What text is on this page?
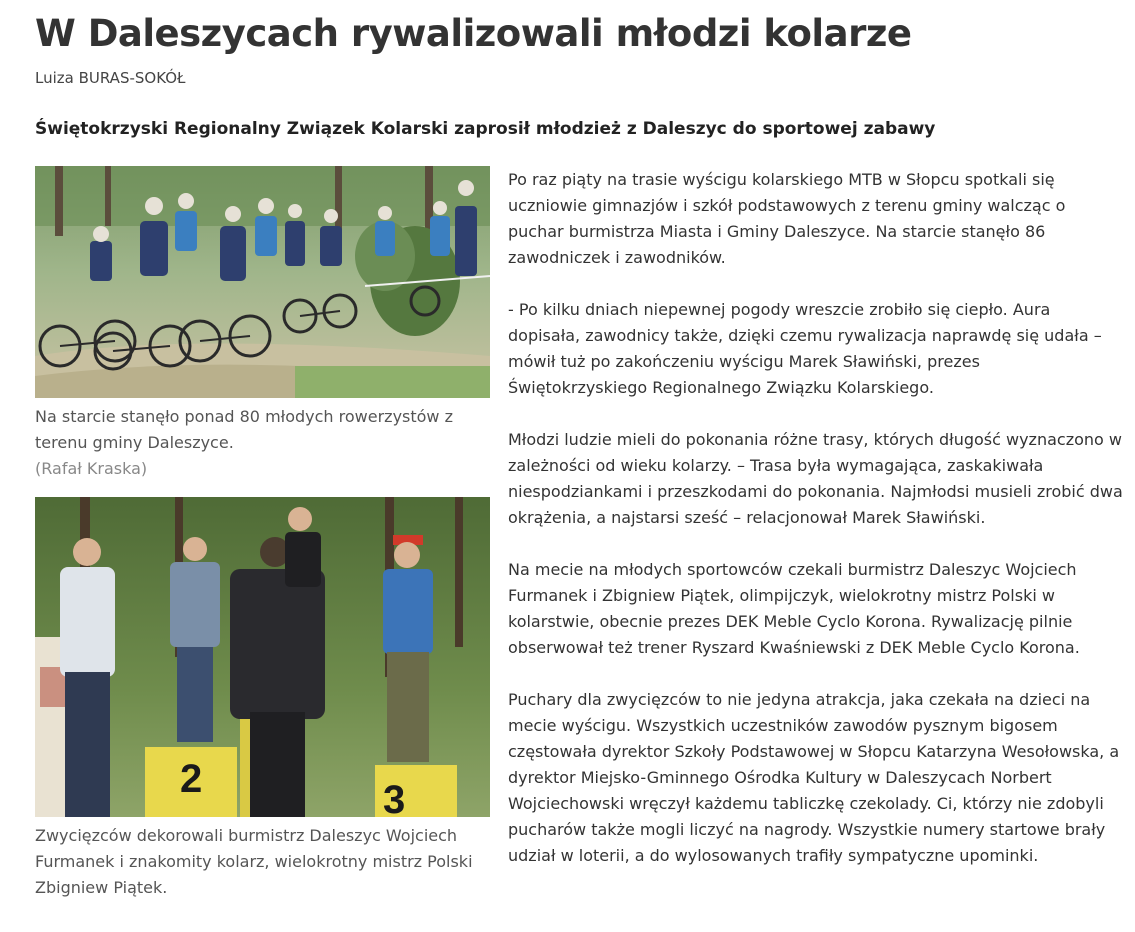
W Daleszycach rywalizowali młodzi kolarze
Luiza BURAS-SOKÓŁ
Świętokrzyski Regionalny Związek Kolarski zaprosił młodzież z Daleszyc do sportowej zabawy
Na starcie stanęło ponad 80 młodych rowerzystów z terenu gminy Daleszyce.
(Rafał Kraska)
2	3
Zwycięzców dekorowali burmistrz Daleszyc Wojciech Furmanek i znakomity kolarz, wielokrotny mistrz Polski Zbigniew Piątek.

Po raz piąty na trasie wyścigu kolarskiego MTB w Słopcu spotkali się uczniowie gimnazjów i szkół podstawowych z terenu gminy walcząc o puchar burmistrza Miasta i Gminy Daleszyce. Na starcie stanęło 86 zawodniczek i zawodników.

- Po kilku dniach niepewnej pogody wreszcie zrobiło się ciepło. Aura dopisała, zawodnicy także, dzięki czemu rywalizacja naprawdę się udała – mówił tuż po zakończeniu wyścigu Marek Sławiński, prezes Świętokrzyskiego Regionalnego Związku Kolarskiego.

Młodzi ludzie mieli do pokonania różne trasy, których długość wyznaczono w zależności od wieku kolarzy. – Trasa była wymagająca, zaskakiwała niespodziankami i przeszkodami do pokonania. Najmłodsi musieli zrobić dwa okrążenia, a najstarsi sześć – relacjonował Marek Sławiński.

Na mecie na młodych sportowców czekali burmistrz Daleszyc Wojciech Furmanek i Zbigniew Piątek, olimpijczyk, wielokrotny mistrz Polski w kolarstwie, obecnie prezes DEK Meble Cyclo Korona. Rywalizację pilnie obserwował też trener Ryszard Kwaśniewski z DEK Meble Cyclo Korona.

Puchary dla zwycięzców to nie jedyna atrakcja, jaka czekała na dzieci na mecie wyścigu. Wszystkich uczestników zawodów pysznym bigosem częstowała dyrektor Szkoły Podstawowej w Słopcu Katarzyna Wesołowska, a dyrektor Miejsko-Gminnego Ośrodka Kultury w Daleszycach Norbert Wojciechowski wręczył każdemu tabliczkę czekolady. Ci, którzy nie zdobyli pucharów także mogli liczyć na nagrody. Wszystkie numery startowe brały udział w loterii, a do wylosowanych trafiły sympatyczne upominki.
